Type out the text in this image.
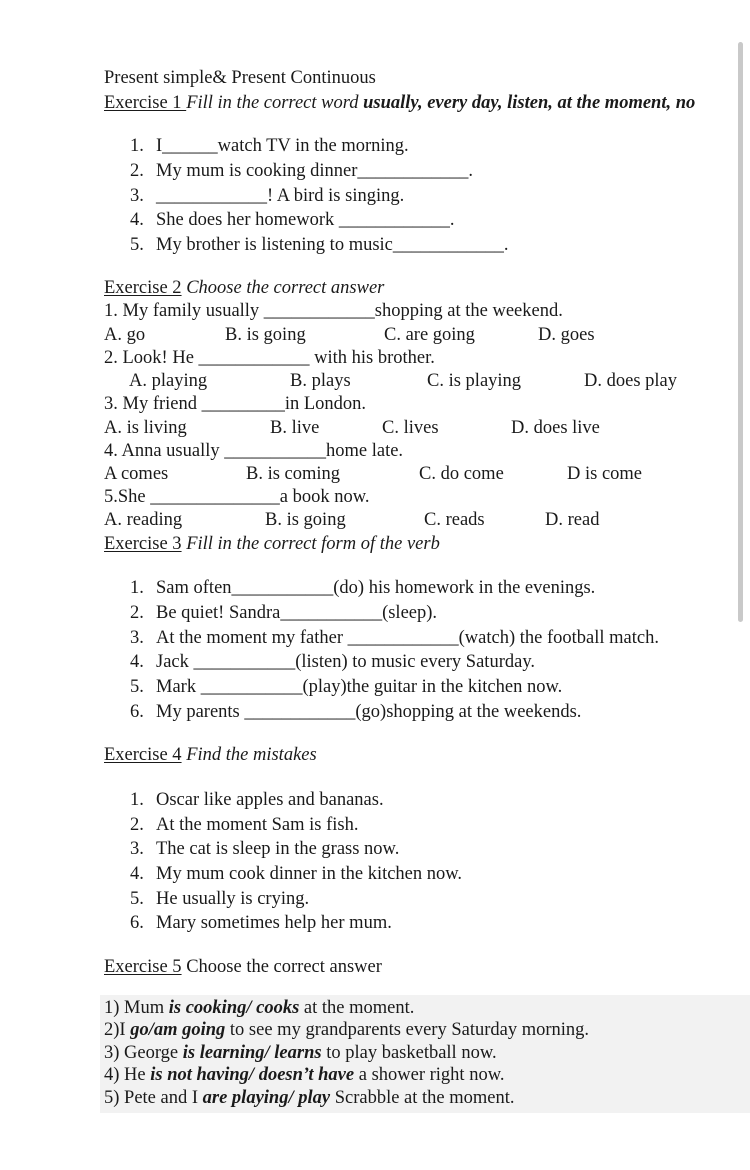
Present simple& Present Continuous
Exercise 1 Fill in the correct word usually, every day, listen, at the moment, no
1. I______watch TV in the morning.
2. My mum is cooking dinner____________.
3. ____________! A bird is singing.
4. She does her homework ____________.
5. My brother is listening to music____________.
Exercise 2 Choose the correct answer
1. My family usually ____________shopping at the weekend.
A. go	B. is going	C. are going	D. goes
2. Look! He ____________ with his brother.
A. playing	B. plays	C. is playing	D. does play
3. My friend _________in London.
A. is living	B. live	C. lives	D. does live
4. Anna usually ___________home late.
A comes	B. is coming	C. do come	D is come
5.She ______________a book now.
A. reading	B. is going	C. reads	D. read
Exercise 3 Fill in the correct form of the verb
1. Sam often___________(do) his homework in the evenings.
2. Be quiet! Sandra___________(sleep).
3. At the moment my father ____________(watch) the football match.
4. Jack ___________(listen) to music every Saturday.
5. Mark ___________(play)the guitar in the kitchen now.
6. My parents ____________(go)shopping at the weekends.
Exercise 4 Find the mistakes
1. Oscar like apples and bananas.
2. At the moment Sam is fish.
3. The cat is sleep in the grass now.
4. My mum cook dinner in the kitchen now.
5. He usually is crying.
6. Mary sometimes help her mum.
Exercise 5 Choose the correct answer
1) Mum is cooking/ cooks at the moment.
2)I go/am going to see my grandparents every Saturday morning.
3) George is learning/ learns to play basketball now.
4) He is not having/ doesn’t have a shower right now.
5) Pete and I are playing/ play Scrabble at the moment.
